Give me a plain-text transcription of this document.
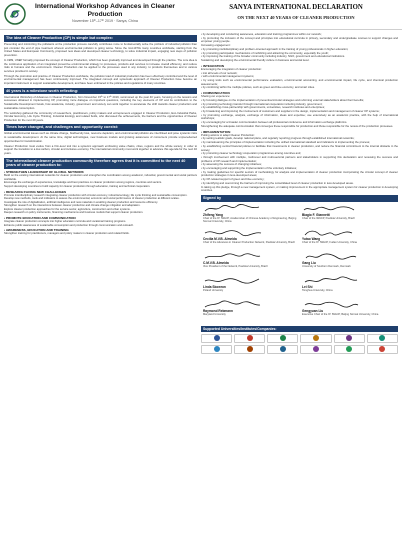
International Workshop Advances in Cleaner Production
November 15ᵗʰ–17ᵗʰ 2019 · Sanya, China
SANYA INTERNATIONAL DECLARATION
ON THE NEXT 40 YEARS OF CLEANER PRODUCTION
The idea of Cleaner Production (CP) is simple but complex:

Preventing and minimizing the pollutants at the production process carefully contributes more to fundamentally solve the problem of industrial pollution than just consider the end of pipe treatment wherein environmental pollution is going worse. Since the mid-1970s many countries worldwide, starting from the United States and European Community, proposed new ideas and developed cleaner technology, to solve industrial impact, engaging new steps of pollution prevention.

In 1989, UNEP formally proposed the concept of Cleaner Production, which has been gradually improved and developed through the practice. The core idea is the continuous application of an integrated preventive environmental strategy to processes, products and services to increase overall efficiency, and reduce risks to humans and the environment. Cleaner Production can be applied to the processes used in any industry, to products themselves and to various services provided in society.

Through the promotion and practice of Cleaner Production worldwide, the pollution load of industrial production has been effectively controlled and the level of environmental management has been continuously improved. The integrated concept and systematic approach of Cleaner Production have become an important instrument to support sustainable development, and have been embraced in the policies and regulations of many countries.

40 years is a milestone worth reflecting:

International Workshop of Advances in Cleaner Production, from November 15ᵗʰ to 17ᵗʰ 2019, summoned up the past 40 years, focusing on the lessons and successes obtained in implementing CP, promoting more dialogue on important questions, including the key elements of CP and its contribution to the Sustainable Development Goals, how academia, industry, government and society can work together to accelerate the shift towards cleaner production and sustainable consumption.

The workshop gathered the community of researchers, practitioners, policy makers and entrepreneurs engaged in Cleaner Production, Eco-Industrial Parks, Circular Economy, Life Cycle Thinking, Industrial Ecology and related fields, who discussed the achievements, the barriers and the opportunities of Cleaner Production for the next 40 years.

Times have changed, and challenges and opportunity coexist:

Global environmental issues such as climate change, biodiversity loss, resource depletion, and environmental pollution are interlinked and pose systemic risks to sustainable development. At the same time, digital technologies, new business models and growing awareness of consumers provide unprecedented opportunities for transformation.

Cleaner Production must evolve from a firm-level tool into a systemic approach embracing value chains, cities, regions and the whole society, in order to support the transition to a low-carbon, circular and inclusive economy. The international community must work together to advance this agenda for the next 40 years.

The international cleaner production community therefore agrees that it is committed to the next 40 years of cleaner production to:
• STRENGTHEN LEADERSHIP OF GLOBAL NETWORK
Build on the existing international networks for cleaner production and strengthen the coordination among academic, industrial, governmental and social partners worldwide.
Encourage the exchange of experiences, knowledge and best practices on cleaner production among regions, countries and sectors.
Support developing countries to build capacity for cleaner production through education, training and technical cooperation.
• RESEARCH FACING NEW CHALLENGES
Promote interdisciplinary research integrating cleaner production with circular economy, industrial ecology, life cycle thinking and sustainable consumption.
Develop new methods, tools and indicators to assess the environmental, economic and social performance of cleaner production at different scales.
Investigate the role of digitalization, artificial intelligence and new materials in enabling cleaner production and resource efficiency.
Strengthen research on the interactions between cleaner production and climate change mitigation and adaptation.
Explore cleaner production approaches for the service sector, agriculture, construction and urban systems.
Deepen research on policy instruments, financing mechanisms and business models that support cleaner production.
• PROMOTE EDUCATION AND COMMUNICATION
Integrate cleaner production concepts into higher education curricula and vocational training programs.
Enhance public awareness of sustainable consumption and production through communication and outreach.
• AWARENESS, EDUCATION AND TRAINING
Strengthen training for practitioners, managers and policy makers in cleaner production and related fields.
• by developing and conducting awareness, education and training programmes within our network;
• by promoting the inclusion of the concept and principles into educational curricula in primary, secondary and undergraduate courses to support changes and empower young people.
Increasing engagement:
• by promoting multidisciplinary and problem-oriented approach in the training of young professionals in higher education;
• by promoting participation mechanisms of mobilizing and attracting the community, especially the youth;
• by improving the training of the broader community including industry, NGO, government and educational institutions.
Sustaining and developing the environmental friendly culture in business and social level.
• INTEGRATION
Encouraging the integration of cleaner production:
• into all levels of our network;
• with environmental management systems;
• by using tools such as environmental performance evaluation, environmental accounting, and environmental impact, life cycle, and chemical production assessments;
• by combining within the multiple policies, such as green and blue economy, and smart cities.
• COMMUNICATION
Sharing our experience:
• by focusing dialogue on the implementation of preventive/circular strategies and reforming external stakeholders about their benefits;
• by promoting technology transfer through international cooperation including industry, government;
• by establishing cross-partnership with governments, universities, research institutes and enterprises;
• by broadening and improving the involvement of customers and suppliers in the design, implementation and management of cleaner CP systems;
• by promoting exchange, analysis, exchange of information, ideas and expertise; use extensively as an academic practice, with the help of international workshops;
• by encouraging for a broader communication between all professional conference and information exchange platforms.
Strengthening the adequate communication that converges these responsible for production and those responsible for the review of the production processes.
• IMPLEMENTATION
Putting actions to adapt Cleaner Production:
• by setting realistic goals, develop national plans, and regularly reporting progress through established international networks;
• by mainstreaming the principles of implementation including the unified international standard and indicators to implementing the process;
• by establishing central financial policies to facilitate that investments in cleaner production, and reduce the financial commitment to the internal obstacle in the society;
• by promoting cleaner technology cooperation programmes among countries and;
• through involvement with multiple, multi-level and multi-sectoral partners and stakeholders in supporting this declaration and reviewing the success and problems of CP research and implementation;
• by assessing the success of changing initiatives;
• by encouraging and supporting the implementation of the voluntary initiatives;
• by making guidelines for specific sectors of methodology for analysis and implementation of cleaner production incorporating the circular concept of cleaner production strategies in less-developed areas;
• by CP-related support of green and blue economy;
• by identifying and overcoming the barriers of improving the consolidated level of cleaner production in less developed areas.
In taking up this pledge, through a new management system, or making improvement in the appropriate management system for cleaner production in developing countries.
Signed by
Zhifeng Yang
Chair of the 9ᵗʰ IWACP, Academician of Chinese Academy of Engineering, Beijing Normal University, China
Biagio F. Giannetti
Chair of the IWACP, Paulista University, Brazil
Cecília M.V.B. Almeida
Chair of the Advances in Cleaner Production Network, Paulista University, Brazil
Yutao Wang
Chair of the 9ᵗʰ IWACP, Fudan University, China
C.M.V.B. Almeida
Vice President of the Network, Paulista University, Brazil
Gang Liu
University of Southern Denmark, Denmark
Linda Skowron
Poland University
Lei Shi
Tsinghua University, China
Raymond Rebmann
Maryland University
Gengyuan Liu
Executive Chair of the 9ᵗʰ IWACP, Beijing Normal University, China
Supported Universities/Institutes/Companies:
